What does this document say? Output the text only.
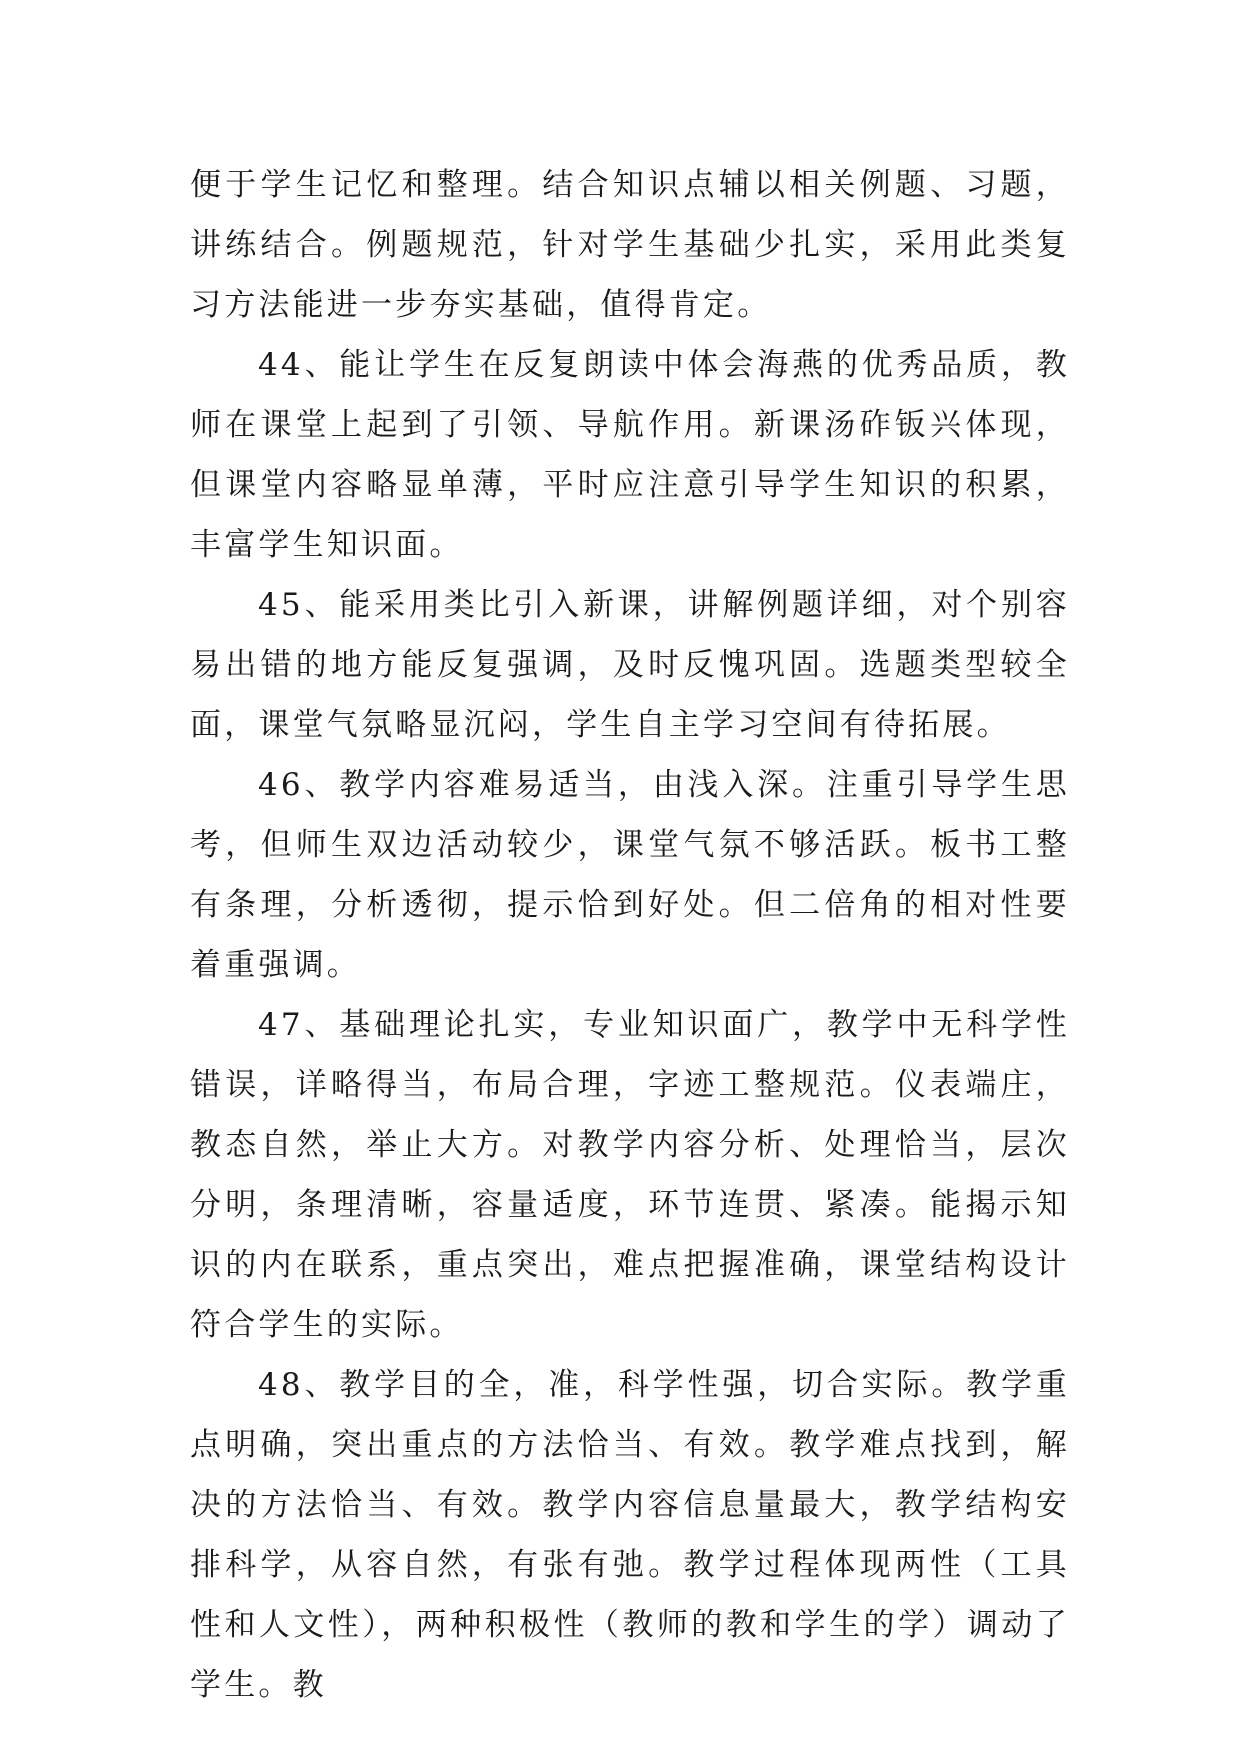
便于学生记忆和整理。结合知识点辅以相关例题、习题，讲练结合。例题规范，针对学生基础少扎实，采用此类复习方法能进一步夯实基础，值得肯定。

44、能让学生在反复朗读中体会海燕的优秀品质，教师在课堂上起到了引领、导航作用。新课汤砟钣兴体现，但课堂内容略显单薄，平时应注意引导学生知识的积累，丰富学生知识面。

45、能采用类比引入新课，讲解例题详细，对个别容易出错的地方能反复强调，及时反愧巩固。选题类型较全面，课堂气氛略显沉闷，学生自主学习空间有待拓展。

46、教学内容难易适当，由浅入深。注重引导学生思考，但师生双边活动较少，课堂气氛不够活跃。板书工整有条理，分析透彻，提示恰到好处。但二倍角的相对性要着重强调。

47、基础理论扎实，专业知识面广，教学中无科学性错误，详略得当，布局合理，字迹工整规范。仪表端庄，教态自然，举止大方。对教学内容分析、处理恰当，层次分明，条理清晰，容量适度，环节连贯、紧凑。能揭示知识的内在联系，重点突出，难点把握准确，课堂结构设计符合学生的实际。

48、教学目的全，准，科学性强，切合实际。教学重点明确，突出重点的方法恰当、有效。教学难点找到，解决的方法恰当、有效。教学内容信息量最大，教学结构安排科学，从容自然，有张有弛。教学过程体现两性（工具性和人文性），两种积极性（教师的教和学生的学）调动了学生。教
